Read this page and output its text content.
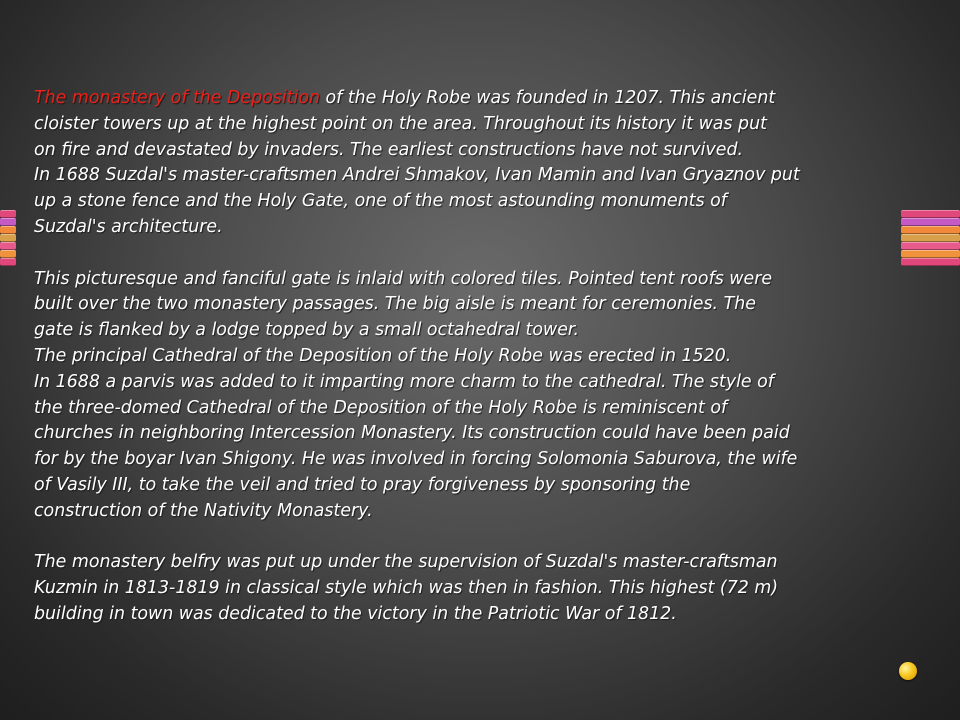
The monastery of the Deposition of the Holy Robe was founded in 1207. This ancient

cloister towers up at the highest point on the area. Throughout its history it was put

on fire and devastated by invaders. The earliest constructions have not survived.

In 1688 Suzdal's master-craftsmen Andrei Shmakov, Ivan Mamin and Ivan Gryaznov put

up a stone fence and the Holy Gate, one of the most astounding monuments of

Suzdal's architecture.

This picturesque and fanciful gate is inlaid with colored tiles. Pointed tent roofs were

built over the two monastery passages. The big aisle is meant for ceremonies. The

gate is flanked by a lodge topped by a small octahedral tower.

The principal Cathedral of the Deposition of the Holy Robe was erected in 1520.

In 1688 a parvis was added to it imparting more charm to the cathedral. The style of

the three-domed Cathedral of the Deposition of the Holy Robe is reminiscent of

churches in neighboring Intercession Monastery. Its construction could have been paid

for by the boyar Ivan Shigony. He was involved in forcing Solomonia Saburova, the wife

of Vasily III, to take the veil and tried to pray forgiveness by sponsoring the

construction of the Nativity Monastery.

The monastery belfry was put up under the supervision of Suzdal's master-craftsman

Kuzmin in 1813-1819 in classical style which was then in fashion. This highest (72 m)

building in town was dedicated to the victory in the Patriotic War of 1812.
